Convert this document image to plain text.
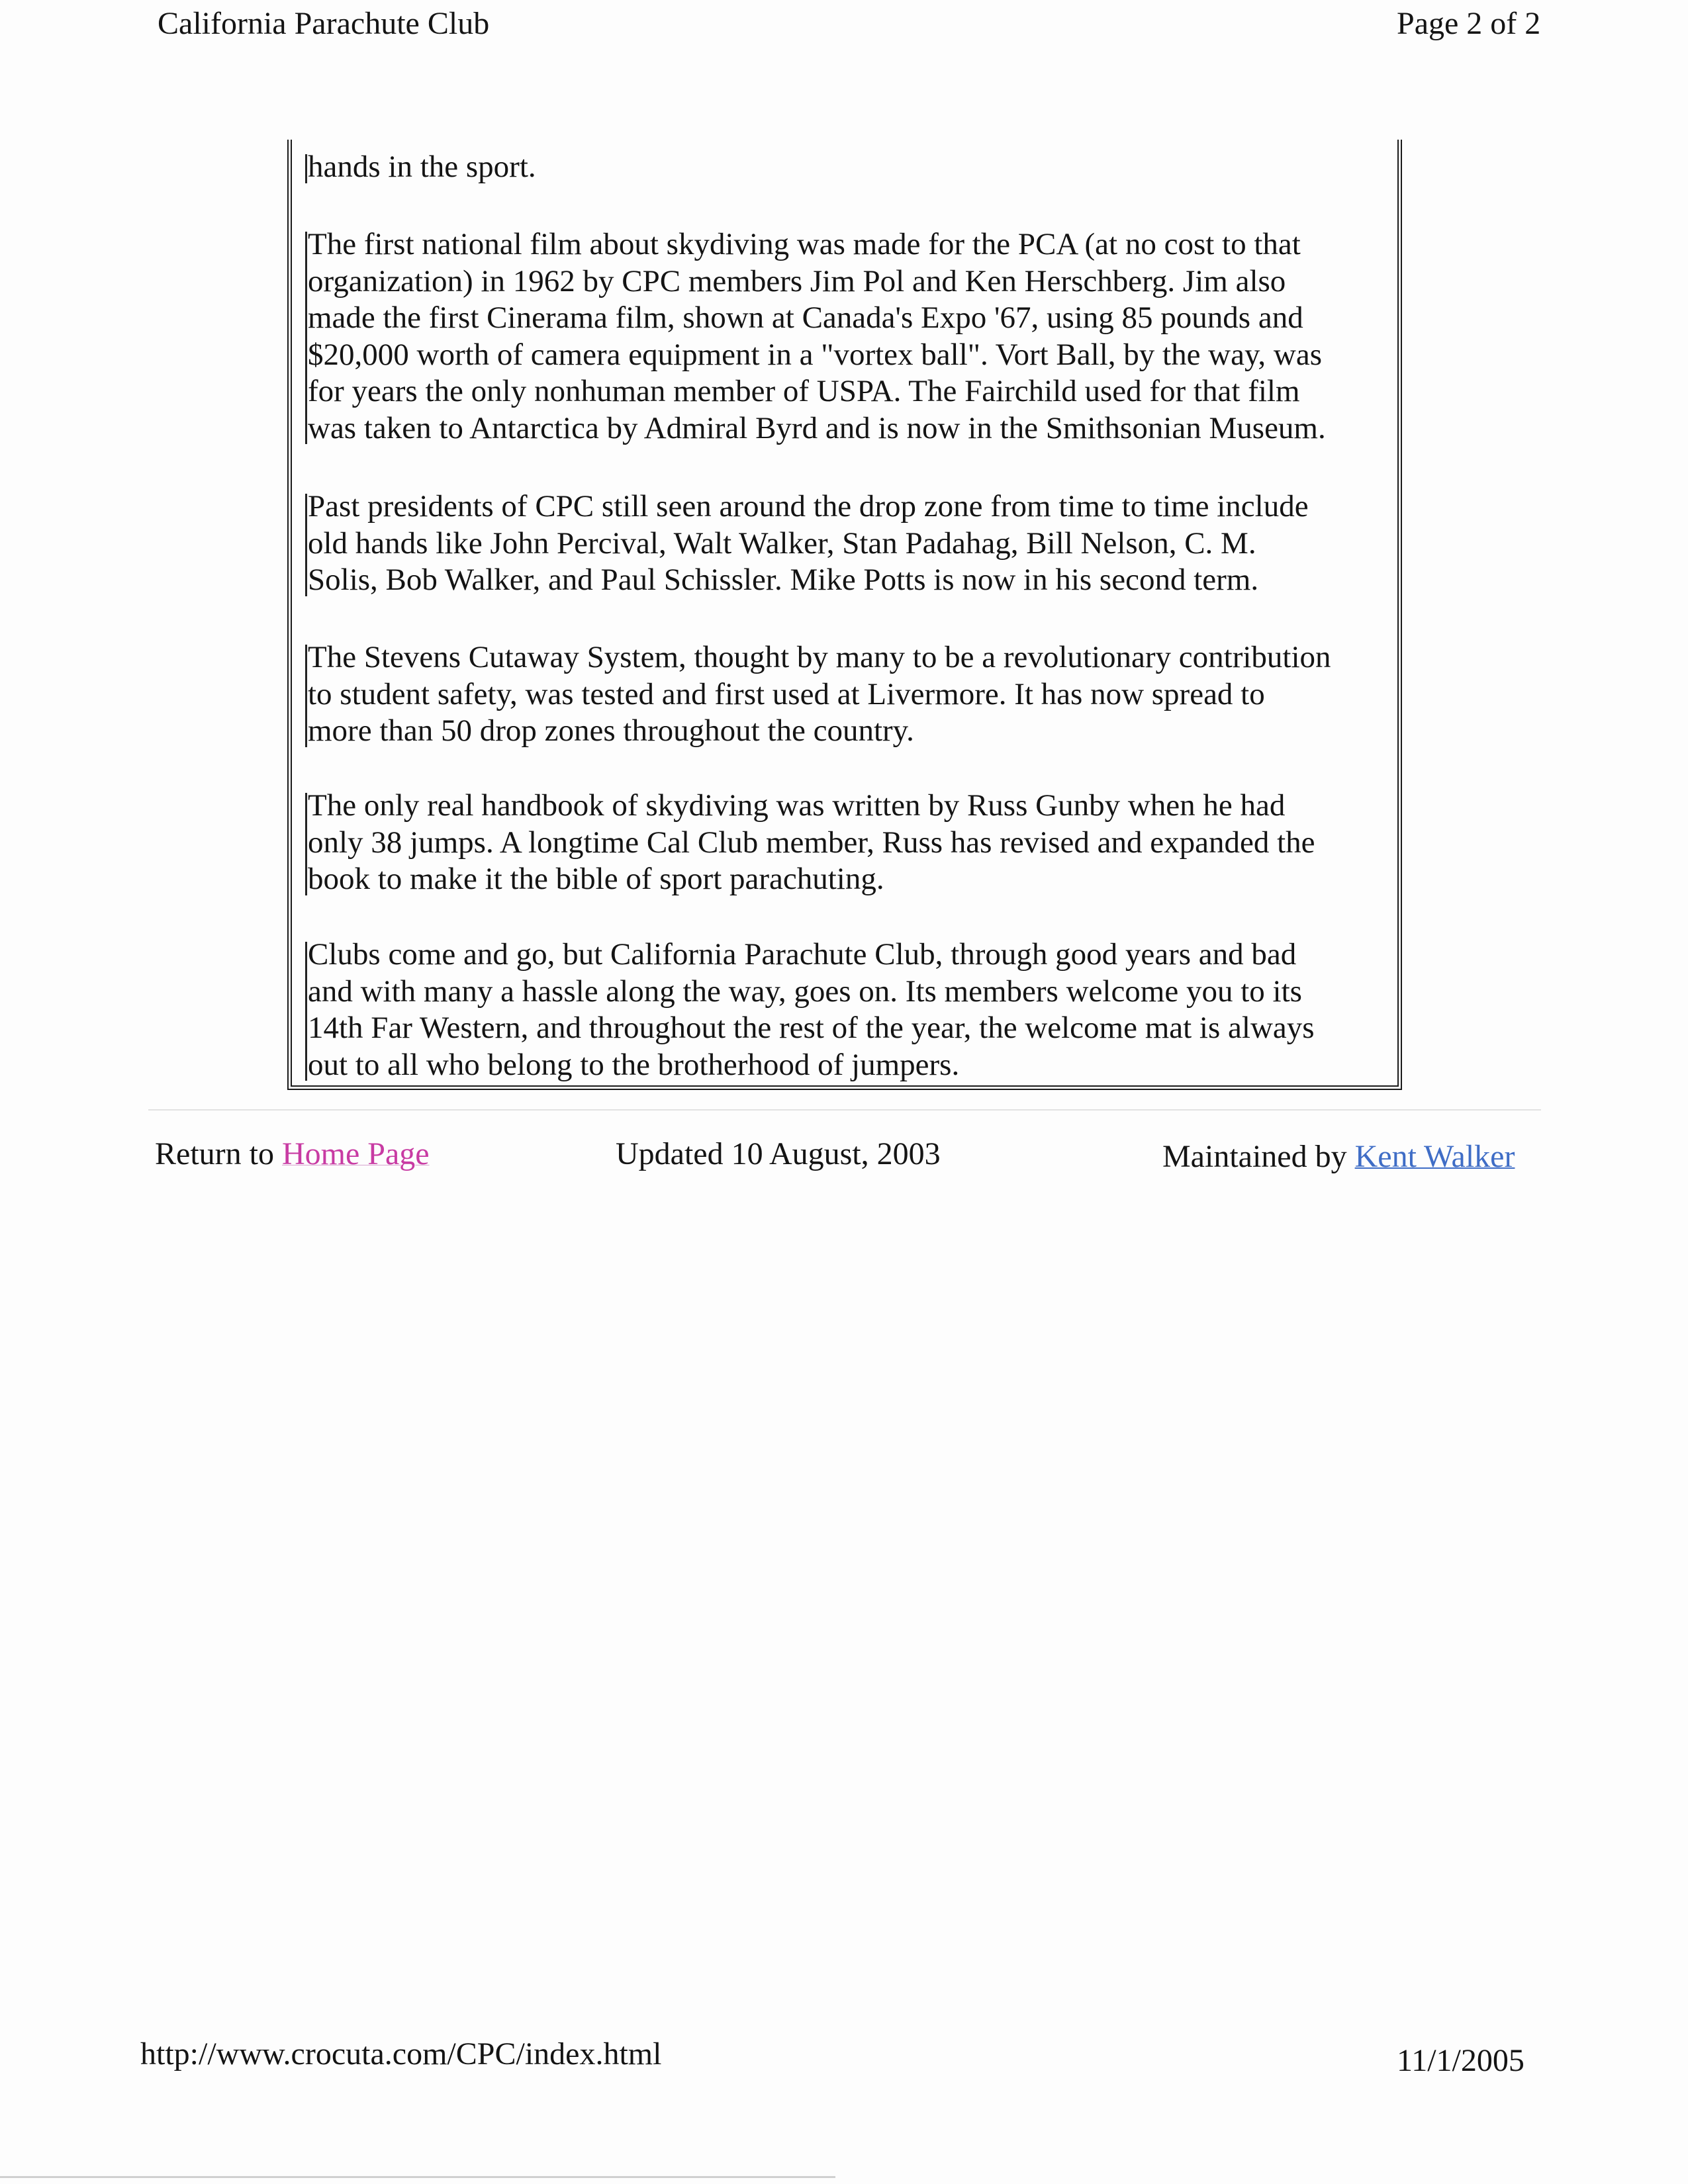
California Parachute Club	Page 2 of 2
hands in the sport.
The first national film about skydiving was made for the PCA (at no cost to that
organization) in 1962 by CPC members Jim Pol and Ken Herschberg. Jim also
made the first Cinerama film, shown at Canada's Expo '67, using 85 pounds and
$20,000 worth of camera equipment in a "vortex ball". Vort Ball, by the way, was
for years the only nonhuman member of USPA. The Fairchild used for that film
was taken to Antarctica by Admiral Byrd and is now in the Smithsonian Museum.
Past presidents of CPC still seen around the drop zone from time to time include
old hands like John Percival, Walt Walker, Stan Padahag, Bill Nelson, C. M.
Solis, Bob Walker, and Paul Schissler. Mike Potts is now in his second term.
The Stevens Cutaway System, thought by many to be a revolutionary contribution
to student safety, was tested and first used at Livermore. It has now spread to
more than 50 drop zones throughout the country.
The only real handbook of skydiving was written by Russ Gunby when he had
only 38 jumps. A longtime Cal Club member, Russ has revised and expanded the
book to make it the bible of sport parachuting.
Clubs come and go, but California Parachute Club, through good years and bad
and with many a hassle along the way, goes on. Its members welcome you to its
14th Far Western, and throughout the rest of the year, the welcome mat is always
out to all who belong to the brotherhood of jumpers.
Return to Home Page	Updated 10 August, 2003	Maintained by Kent Walker
http://www.crocuta.com/CPC/index.html	11/1/2005
